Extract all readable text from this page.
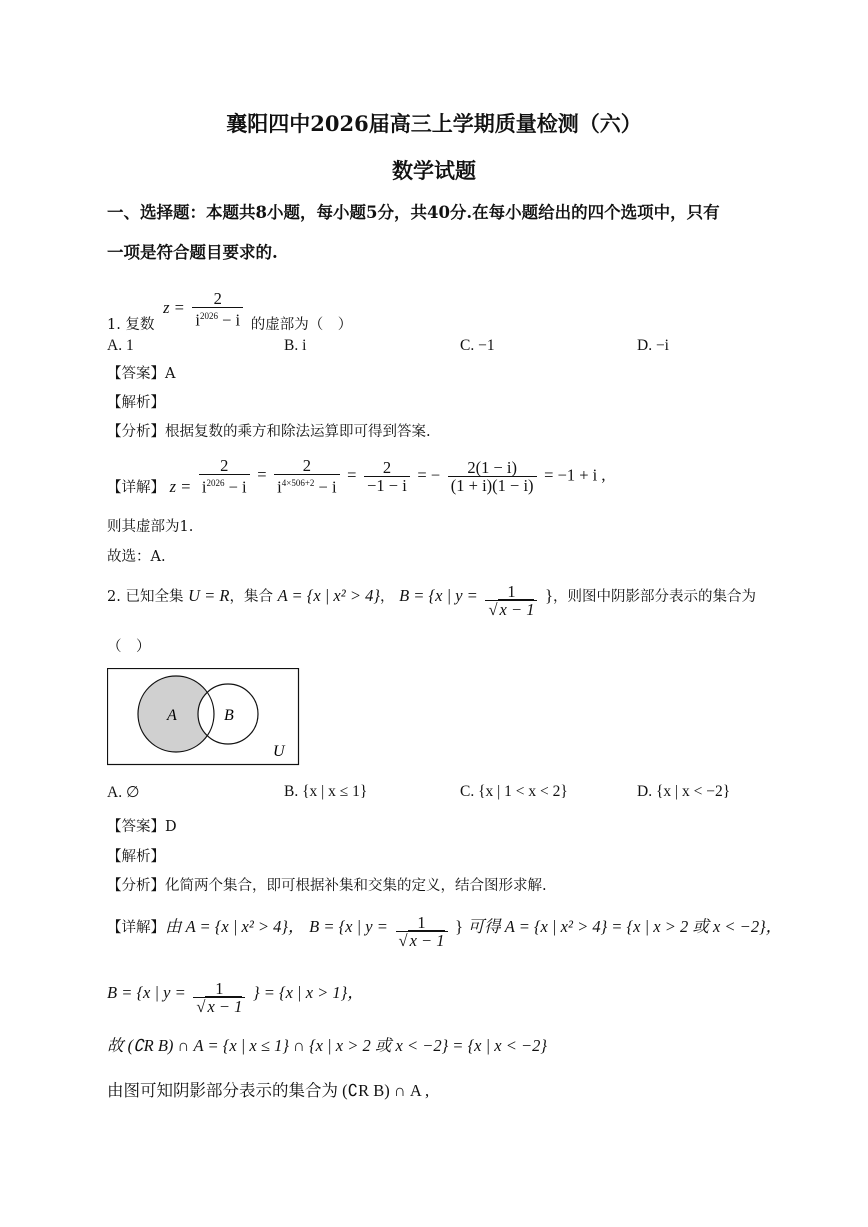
襄阳四中2026届高三上学期质量检测（六）
数学试题
一、选择题：本题共8小题，每小题5分，共40分.在每小题给出的四个选项中，只有
一项是符合题目要求的.
1. 复数 $z = \frac{2}{i^{2026} - i}$ 的虚部为（　）
A. 1	B. i	C. −1	D. −i
【答案】A
【解析】
【分析】根据复数的乘方和除法运算即可得到答案.
【详解】 $z = \frac{2}{i^{2026} - i} = \frac{2}{i^{4\times 506+2} - i} = \frac{2}{-1 - i}$ = − $\frac{2(1 - i)}{(1 + i)(1 - i)} = -1 + i$ ,
则其虚部为1.
故选：A.
2. 已知全集 U = R，集合 A = {x | x² > 4}， B = {x | $y = \frac{1}{√ x - 1}$ }，则图中阴影部分表示的集合为
（　）
A	B
U
A. ∅	B. {x | x ≤ 1}	C. {x | 1 < x < 2}	D. {x | x < −2}
【答案】D
【解析】
【分析】化简两个集合，即可根据补集和交集的定义，结合图形求解.
【详解】由 A = {x | x² > 4}， B = {x | $y = \frac{1}{√ x - 1}$ } 可得 A = {x | x² > 4} = {x | x > 2 或 x < −2}，
B = {x | $y = \frac{1}{√ x - 1}$ } = {x | x > 1}，
故 (∁R B) ∩ A = {x | x ≤ 1} ∩ {x | x > 2 或 x < −2} = {x | x < −2}
由图可知阴影部分表示的集合为 (∁R B) ∩ A ,
